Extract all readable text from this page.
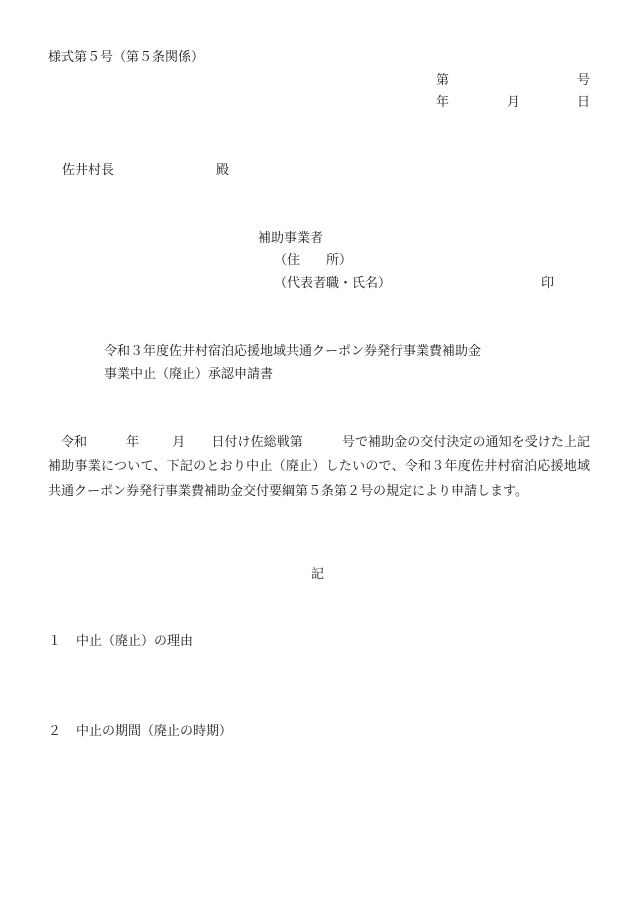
様式第５号（第５条関係）
第	号
年	月	日
佐井村長	殿
補助事業者
（住　　所）
（代表者職・氏名）	印
令和３年度佐井村宿泊応援地域共通クーポン券発行事業費補助金
事業中止（廃止）承認申請書
令和	年	月 日付け佐総戦第	号で補助金の交付決定の通知を受けた上記補助事業について、下記のとおり中止（廃止）したいので、令和３年度佐井村宿泊応援地域共通クーポン券発行事業費補助金交付要綱第５条第２号の規定により申請します。
記
１ 中止（廃止）の理由
２ 中止の期間（廃止の時期）
